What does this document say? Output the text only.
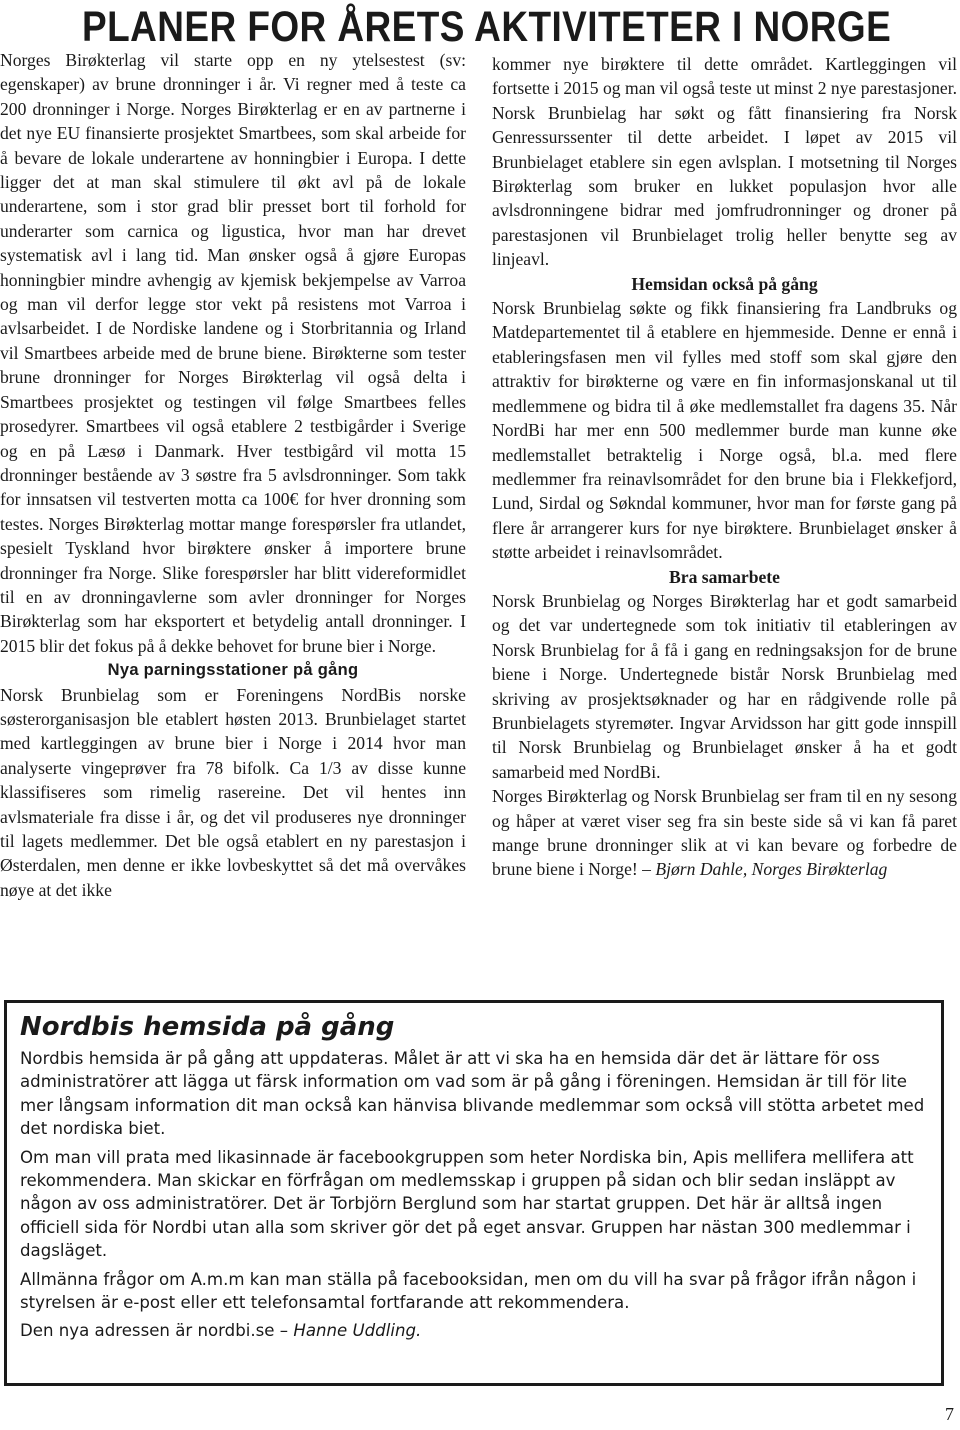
PLANER FOR ÅRETS AKTIVITETER I NORGE

Norges Birøkterlag vil starte opp en ny ytelsestest (sv: egenskaper) av brune dronninger i år. Vi regner med å teste ca 200 dronninger i Norge. Norges Birøkterlag er en av partnerne i det nye EU finansierte prosjektet Smartbees, som skal arbeide for å bevare de lokale underartene av honningbier i Europa. I dette ligger det at man skal stimulere til økt avl på de lokale underartene, som i stor grad blir presset bort til forhold for underarter som carnica og ligustica, hvor man har drevet systematisk avl i lang tid. Man ønsker også å gjøre Europas honningbier mindre avhengig av kjemisk bekjempelse av Varroa og man vil derfor legge stor vekt på resistens mot Varroa i avlsarbeidet. I de Nordiske landene og i Storbritannia og Irland vil Smartbees arbeide med de brune biene. Birøkterne som tester brune dronninger for Norges Birøkterlag vil også delta i Smartbees prosjektet og testingen vil følge Smartbees felles prosedyrer. Smartbees vil også etablere 2 testbigårder i Sverige og en på Læsø i Danmark. Hver testbigård vil motta 15 dronninger bestående av 3 søstre fra 5 avlsdronninger. Som takk for innsatsen vil testverten motta ca 100€ for hver dronning som testes. Norges Birøkterlag mottar mange forespørsler fra utlandet, spesielt Tyskland hvor birøktere ønsker å importere brune dronninger fra Norge. Slike forespørsler har blitt videreformidlet til en av dronningavlerne som avler dronninger for Norges Birøkterlag som har eksportert et betydelig antall dronninger. I 2015 blir det fokus på å dekke behovet for brune bier i Norge.

Nya parningsstationer på gång

Norsk Brunbielag som er Foreningens NordBis norske søsterorganisasjon ble etablert høsten 2013. Brunbielaget startet med kartleggingen av brune bier i Norge i 2014 hvor man analyserte vingeprøver fra 78 bifolk. Ca 1/3 av disse kunne klassifiseres som rimelig rasereine. Det vil hentes inn avlsmateriale fra disse i år, og det vil produseres nye dronninger til lagets medlemmer. Det ble også etablert en ny parestasjon i Østerdalen, men denne er ikke lovbeskyttet så det må overvåkes nøye at det ikke

kommer nye birøktere til dette området. Kartleggingen vil fortsette i 2015 og man vil også teste ut minst 2 nye parestasjoner. Norsk Brunbielag har søkt og fått finansiering fra Norsk Genressurssenter til dette arbeidet. I løpet av 2015 vil Brunbielaget etablere sin egen avlsplan. I motsetning til Norges Birøkterlag som bruker en lukket populasjon hvor alle avlsdronningene bidrar med jomfrudronninger og droner på parestasjonen vil Brunbielaget trolig heller benytte seg av linjeavl.

Hemsidan också på gång

Norsk Brunbielag søkte og fikk finansiering fra Landbruks og Matdepartementet til å etablere en hjemmeside. Denne er ennå i etableringsfasen men vil fylles med stoff som skal gjøre den attraktiv for birøkterne og være en fin informasjonskanal ut til medlemmene og bidra til å øke medlemstallet fra dagens 35. Når NordBi har mer enn 500 medlemmer burde man kunne øke medlemstallet betraktelig i Norge også, bl.a. med flere medlemmer fra reinavlsområdet for den brune bia i Flekkefjord, Lund, Sirdal og Søkndal kommuner, hvor man for første gang på flere år arrangerer kurs for nye birøktere. Brunbielaget ønsker å støtte arbeidet i reinavlsområdet.

Bra samarbete

Norsk Brunbielag og Norges Birøkterlag har et godt samarbeid og det var undertegnede som tok initiativ til etableringen av Norsk Brunbielag for å få i gang en redningsaksjon for de brune biene i Norge. Undertegnede bistår Norsk Brunbielag med skriving av prosjektsøknader og har en rådgivende rolle på Brunbielagets styremøter. Ingvar Arvidsson har gitt gode innspill til Norsk Brunbielag og Brunbielaget ønsker å ha et godt samarbeid med NordBi.

Norges Birøkterlag og Norsk Brunbielag ser fram til en ny sesong og håper at været viser seg fra sin beste side så vi kan få paret mange brune dronninger slik at vi kan bevare og forbedre de brune biene i Norge! – Bjørn Dahle, Norges Birøkterlag

Nordbis hemsida på gång

Nordbis hemsida är på gång att uppdateras. Målet är att vi ska ha en hemsida där det är lättare för oss administratörer att lägga ut färsk information om vad som är på gång i föreningen. Hemsidan är till för lite mer långsam information dit man också kan hänvisa blivande medlemmar som också vill stötta arbetet med det nordiska biet.

Om man vill prata med likasinnade är facebookgruppen som heter Nordiska bin, Apis mellifera mellifera att rekommendera. Man skickar en förfrågan om medlemsskap i gruppen på sidan och blir sedan insläppt av någon av oss administratörer. Det är Torbjörn Berglund som har startat gruppen. Det här är alltså ingen officiell sida för Nordbi utan alla som skriver gör det på eget ansvar. Gruppen har nästan 300 medlemmar i dagsläget.

Allmänna frågor om A.m.m kan man ställa på facebooksidan, men om du vill ha svar på frågor ifrån någon i styrelsen är e-post eller ett telefonsamtal fortfarande att rekommendera.

Den nya adressen är nordbi.se – Hanne Uddling.

7
